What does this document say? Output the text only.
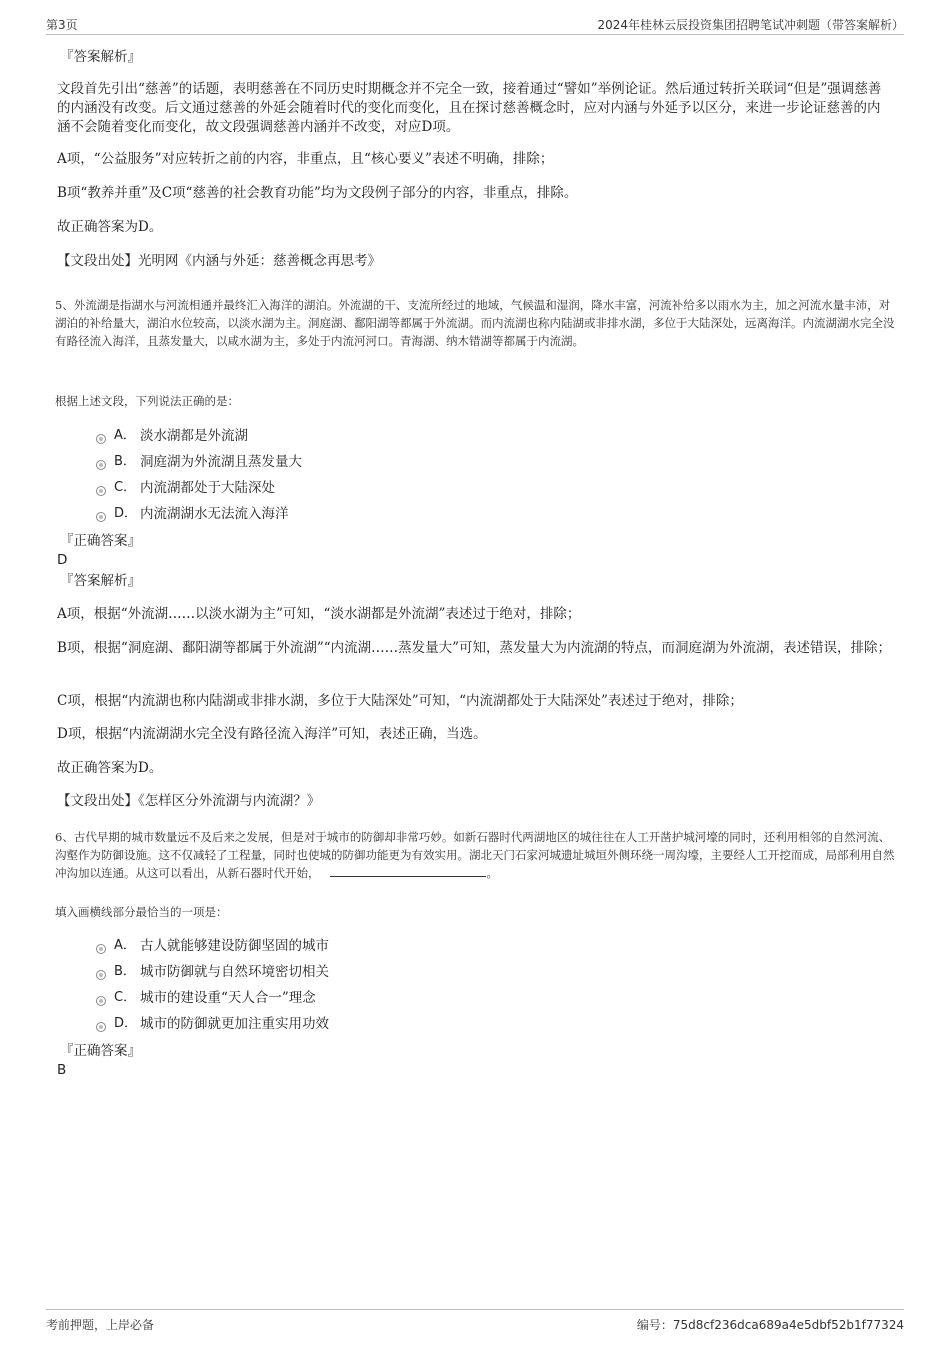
第3页	2024年桂林云辰投资集团招聘笔试冲刺题（带答案解析）
『答案解析』
文段首先引出“慈善”的话题，表明慈善在不同历史时期概念并不完全一致，接着通过“譬如”举例论证。然后通过转折关联词“但是”强调慈善的内涵没有改变。后文通过慈善的外延会随着时代的变化而变化，且在探讨慈善概念时，应对内涵与外延予以区分，来进一步论证慈善的内涵不会随着变化而变化，故文段强调慈善内涵并不改变，对应D项。
A项，“公益服务”对应转折之前的内容，非重点，且“核心要义”表述不明确，排除；
B项“教养并重”及C项“慈善的社会教育功能”均为文段例子部分的内容，非重点，排除。
故正确答案为D。
【文段出处】光明网《内涵与外延：慈善概念再思考》
5、外流湖是指湖水与河流相通并最终汇入海洋的湖泊。外流湖的干、支流所经过的地域，气候温和湿润，降水丰富，河流补给多以雨水为主，加之河流水量丰沛，对湖泊的补给量大，湖泊水位较高，以淡水湖为主。洞庭湖、鄱阳湖等都属于外流湖。而内流湖也称内陆湖或非排水湖，多位于大陆深处，远离海洋。内流湖湖水完全没有路径流入海洋，且蒸发量大，以咸水湖为主，多处于内流河河口。青海湖、纳木错湖等都属于内流湖。
根据上述文段，下列说法正确的是：
A． 淡水湖都是外流湖
B． 洞庭湖为外流湖且蒸发量大
C． 内流湖都处于大陆深处
D． 内流湖湖水无法流入海洋
『正确答案』
D
『答案解析』
A项，根据“外流湖……以淡水湖为主”可知，“淡水湖都是外流湖”表述过于绝对，排除；
B项，根据“洞庭湖、鄱阳湖等都属于外流湖”“内流湖……蒸发量大”可知，蒸发量大为内流湖的特点，而洞庭湖为外流湖，表述错误，排除；
C项，根据“内流湖也称内陆湖或非排水湖，多位于大陆深处”可知，“内流湖都处于大陆深处”表述过于绝对，排除；
D项，根据“内流湖湖水完全没有路径流入海洋”可知，表述正确，当选。
故正确答案为D。
【文段出处】《怎样区分外流湖与内流湖？》
6、古代早期的城市数量远不及后来之发展，但是对于城市的防御却非常巧妙。如新石器时代两湖地区的城往往在人工开凿护城河壕的同时，还利用相邻的自然河流、沟壑作为防御设施。这不仅减轻了工程量，同时也使城的防御功能更为有效实用。湖北天门石家河城遗址城垣外侧环绕一周沟壕，主要经人工开挖而成，局部利用自然冲沟加以连通。从这可以看出，从新石器时代开始，	。
填入画横线部分最恰当的一项是：
A． 古人就能够建设防御坚固的城市
B． 城市防御就与自然环境密切相关
C． 城市的建设重“天人合一”理念
D． 城市的防御就更加注重实用功效
『正确答案』
B
考前押题，上岸必备	编号：75d8cf236dca689a4e5dbf52b1f77324
